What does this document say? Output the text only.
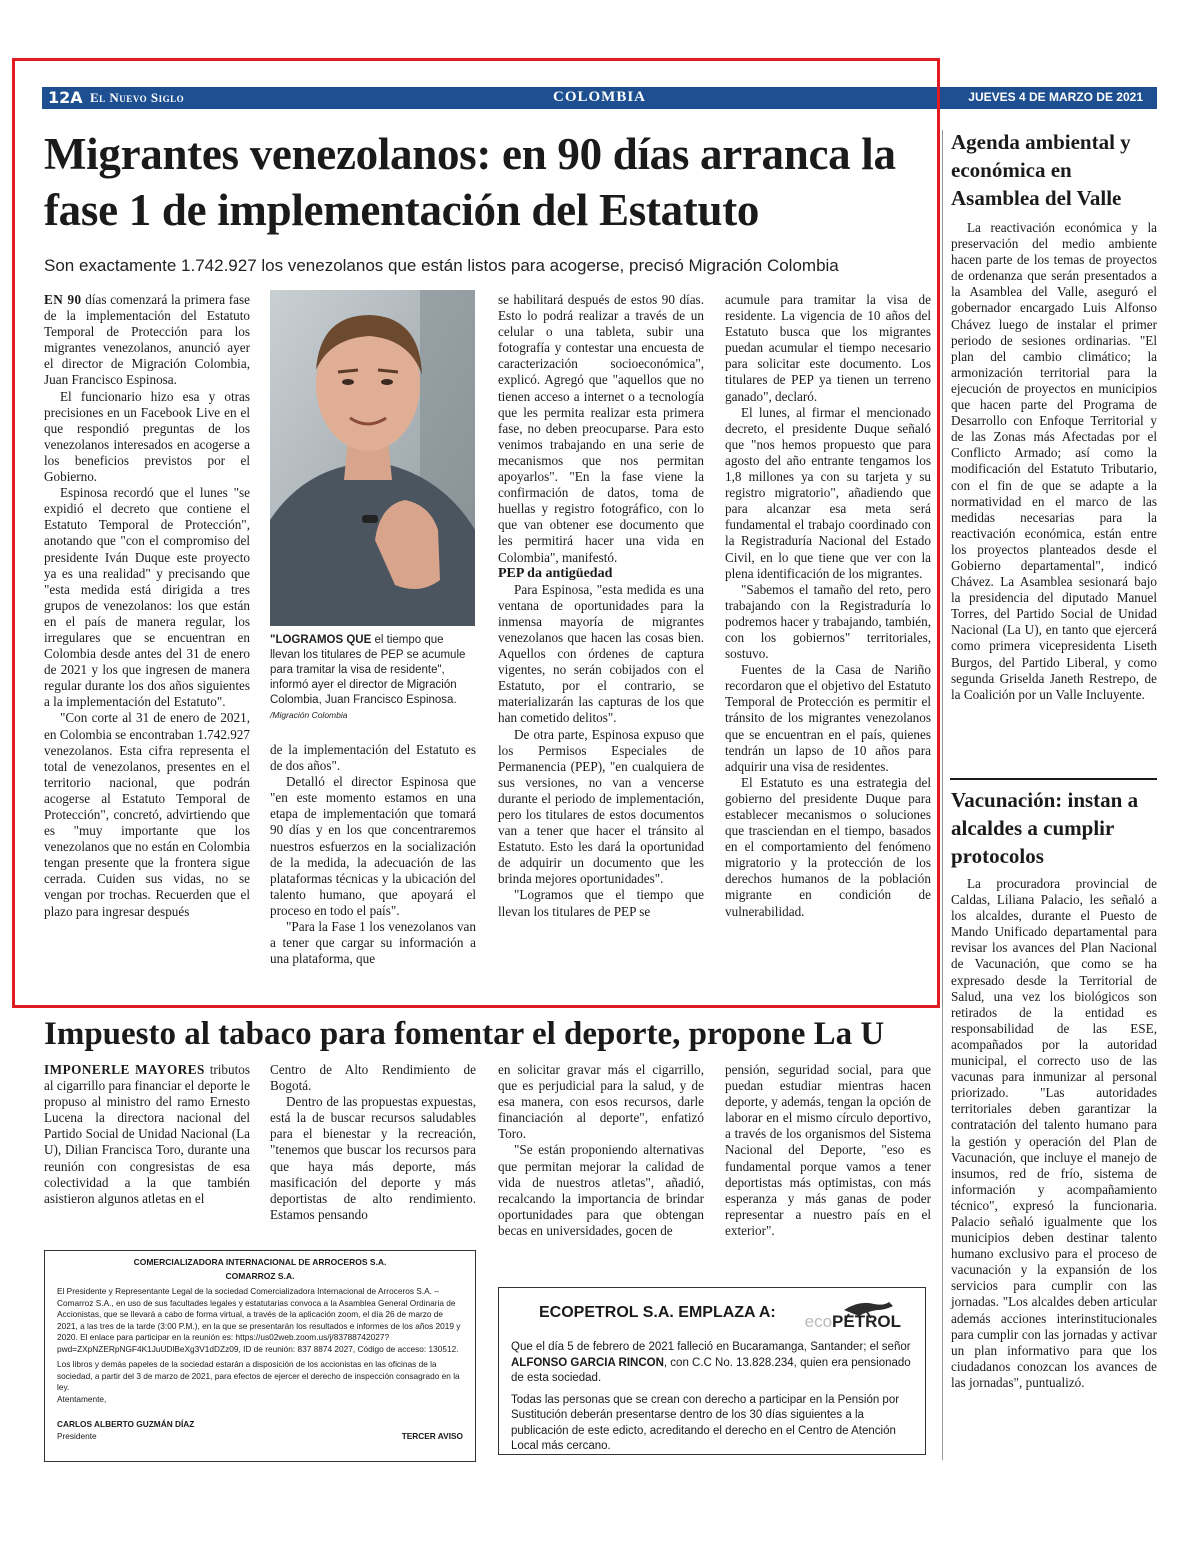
12A El Nuevo Siglo	COLOMBIA	JUEVES 4 DE MARZO DE 2021
Migrantes venezolanos: en 90 días arranca la fase 1 de implementación del Estatuto
Son exactamente 1.742.927 los venezolanos que están listos para acogerse, precisó Migración Colombia

EN 90 días comenzará la primera fase de la implementación del Estatuto Temporal de Protección para los migrantes venezolanos, anunció ayer el director de Migración Colombia, Juan Francisco Espinosa.

El funcionario hizo esa y otras precisiones en un Facebook Live en el que respondió preguntas de los venezolanos interesados en acogerse a los beneficios previstos por el Gobierno.

Espinosa recordó que el lunes "se expidió el decreto que contiene el Estatuto Temporal de Protección", anotando que "con el compromiso del presidente Iván Duque este proyecto ya es una realidad" y precisando que "esta medida está dirigida a tres grupos de venezolanos: los que están en el país de manera regular, los irregulares que se encuentran en Colombia desde antes del 31 de enero de 2021 y los que ingresen de manera regular durante los dos años siguientes a la implementación del Estatuto".

"Con corte al 31 de enero de 2021, en Colombia se encontraban 1.742.927 venezolanos. Esta cifra representa el total de venezolanos, presentes en el territorio nacional, que podrán acogerse al Estatuto Temporal de Protección", concretó, advirtiendo que es "muy importante que los venezolanos que no están en Colombia tengan presente que la frontera sigue cerrada. Cuiden sus vidas, no se vengan por trochas. Recuerden que el plazo para ingresar después

"LOGRAMOS QUE el tiempo que llevan los titulares de PEP se acumule para tramitar la visa de residente", informó ayer el director de Migración Colombia, Juan Francisco Espinosa. /Migración Colombia

de la implementación del Estatuto es de dos años".

Detalló el director Espinosa que "en este momento estamos en una etapa de implementación que tomará 90 días y en los que concentraremos nuestros esfuerzos en la socialización de la medida, la adecuación de las plataformas técnicas y la ubicación del talento humano, que apoyará el proceso en todo el país".

"Para la Fase 1 los venezolanos van a tener que cargar su información a una plataforma, que

se habilitará después de estos 90 días. Esto lo podrá realizar a través de un celular o una tableta, subir una fotografía y contestar una encuesta de caracterización socioeconómica", explicó. Agregó que "aquellos que no tienen acceso a internet o a tecnología que les permita realizar esta primera fase, no deben preocuparse. Para esto venimos trabajando en una serie de mecanismos que nos permitan apoyarlos". "En la fase viene la confirmación de datos, toma de huellas y registro fotográfico, con lo que van obtener ese documento que les permitirá hacer una vida en Colombia", manifestó.

PEP da antigüedad

Para Espinosa, "esta medida es una ventana de oportunidades para la inmensa mayoría de migrantes venezolanos que hacen las cosas bien. Aquellos con órdenes de captura vigentes, no serán cobijados con el Estatuto, por el contrario, se materializarán las capturas de los que han cometido delitos".

De otra parte, Espinosa expuso que los Permisos Especiales de Permanencia (PEP), "en cualquiera de sus versiones, no van a vencerse durante el periodo de implementación, pero los titulares de estos documentos van a tener que hacer el tránsito al Estatuto. Esto les dará la oportunidad de adquirir un documento que les brinda mejores oportunidades".

"Logramos que el tiempo que llevan los titulares de PEP se

acumule para tramitar la visa de residente. La vigencia de 10 años del Estatuto busca que los migrantes puedan acumular el tiempo necesario para solicitar este documento. Los titulares de PEP ya tienen un terreno ganado", declaró.

El lunes, al firmar el mencionado decreto, el presidente Duque señaló que "nos hemos propuesto que para agosto del año entrante tengamos los 1,8 millones ya con su tarjeta y su registro migratorio", añadiendo que para alcanzar esa meta será fundamental el trabajo coordinado con la Registraduría Nacional del Estado Civil, en lo que tiene que ver con la plena identificación de los migrantes.

"Sabemos el tamaño del reto, pero trabajando con la Registraduría lo podremos hacer y trabajando, también, con los gobiernos" territoriales, sostuvo.

Fuentes de la Casa de Nariño recordaron que el objetivo del Estatuto Temporal de Protección es permitir el tránsito de los migrantes venezolanos que se encuentran en el país, quienes tendrán un lapso de 10 años para adquirir una visa de residentes.

El Estatuto es una estrategia del gobierno del presidente Duque para establecer mecanismos o soluciones que trasciendan en el tiempo, basados en el comportamiento del fenómeno migratorio y la protección de los derechos humanos de la población migrante en condición de vulnerabilidad.

Agenda ambiental y económica en Asamblea del Valle

La reactivación económica y la preservación del medio ambiente hacen parte de los temas de proyectos de ordenanza que serán presentados a la Asamblea del Valle, aseguró el gobernador encargado Luis Alfonso Chávez luego de instalar el primer periodo de sesiones ordinarias. "El plan del cambio climático; la armonización territorial para la ejecución de proyectos en municipios que hacen parte del Programa de Desarrollo con Enfoque Territorial y de las Zonas más Afectadas por el Conflicto Armado; así como la modificación del Estatuto Tributario, con el fin de que se adapte a la normatividad en el marco de las medidas necesarias para la reactivación económica, están entre los proyectos planteados desde el Gobierno departamental", indicó Chávez. La Asamblea sesionará bajo la presidencia del diputado Manuel Torres, del Partido Social de Unidad Nacional (La U), en tanto que ejercerá como primera vicepresidenta Liseth Burgos, del Partido Liberal, y como segunda Griselda Janeth Restrepo, de la Coalición por un Valle Incluyente.

Vacunación: instan a alcaldes a cumplir protocolos

La procuradora provincial de Caldas, Liliana Palacio, les señaló a los alcaldes, durante el Puesto de Mando Unificado departamental para revisar los avances del Plan Nacional de Vacunación, que como se ha expresado desde la Territorial de Salud, una vez los biológicos son retirados de la entidad es responsabilidad de las ESE, acompañados por la autoridad municipal, el correcto uso de las vacunas para inmunizar al personal priorizado. "Las autoridades territoriales deben garantizar la contratación del talento humano para la gestión y operación del Plan de Vacunación, que incluye el manejo de insumos, red de frío, sistema de información y acompañamiento técnico", expresó la funcionaria. Palacio señaló igualmente que los municipios deben destinar talento humano exclusivo para el proceso de vacunación y la expansión de los servicios para cumplir con las jornadas. "Los alcaldes deben articular además acciones interinstitucionales para cumplir con las jornadas y activar un plan informativo para que los ciudadanos conozcan los avances de las jornadas", puntualizó.

Impuesto al tabaco para fomentar el deporte, propone La U

IMPONERLE MAYORES tributos al cigarrillo para financiar el deporte le propuso al ministro del ramo Ernesto Lucena la directora nacional del Partido Social de Unidad Nacional (La U), Dilian Francisca Toro, durante una reunión con congresistas de esa colectividad a la que también asistieron algunos atletas en el

Centro de Alto Rendimiento de Bogotá.

Dentro de las propuestas expuestas, está la de buscar recursos saludables para el bienestar y la recreación, "tenemos que buscar los recursos para que haya más deporte, más masificación del deporte y más deportistas de alto rendimiento. Estamos pensando

en solicitar gravar más el cigarrillo, que es perjudicial para la salud, y de esa manera, con esos recursos, darle financiación al deporte", enfatizó Toro.

"Se están proponiendo alternativas que permitan mejorar la calidad de vida de nuestros atletas", añadió, recalcando la importancia de brindar oportunidades para que obtengan becas en universidades, gocen de

pensión, seguridad social, para que puedan estudiar mientras hacen deporte, y además, tengan la opción de laborar en el mismo círculo deportivo, a través de los organismos del Sistema Nacional del Deporte, "eso es fundamental porque vamos a tener deportistas más optimistas, con más esperanza y más ganas de poder representar a nuestro país en el exterior".

COMERCIALIZADORA INTERNACIONAL DE ARROCEROS S.A.
COMARROZ S.A.
El Presidente y Representante Legal de la sociedad Comercializadora Internacional de Arroceros S.A. – Comarroz S.A., en uso de sus facultades legales y estatutarias convoca a la Asamblea General Ordinaria de Accionistas, que se llevará a cabo de forma virtual, a través de la aplicación zoom, el día 26 de marzo de 2021, a las tres de la tarde (3:00 P.M.), en la que se presentarán los resultados e informes de los años 2019 y 2020. El enlace para participar en la reunión es: https://us02web.zoom.us/j/83788742027?pwd=ZXpNZERpNGF4K1JuUDlBeXg3V1dDZz09, ID de reunión: 837 8874 2027, Código de acceso: 130512.
Los libros y demás papeles de la sociedad estarán a disposición de los accionistas en las oficinas de la sociedad, a partir del 3 de marzo de 2021, para efectos de ejercer el derecho de inspección consagrado en la ley.
Atentamente,
CARLOS ALBERTO GUZMÁN DÍAZ
Presidente	TERCER AVISO
ECOPETROL S.A. EMPLAZA A: ecoPETROL
Que el día 5 de febrero de 2021 falleció en Bucaramanga, Santander; el señor ALFONSO GARCIA RINCON, con C.C No. 13.828.234, quien era pensionado de esta sociedad.
Todas las personas que se crean con derecho a participar en la Pensión por Sustitución deberán presentarse dentro de los 30 días siguientes a la publicación de este edicto, acreditando el derecho en el Centro de Atención Local más cercano.
